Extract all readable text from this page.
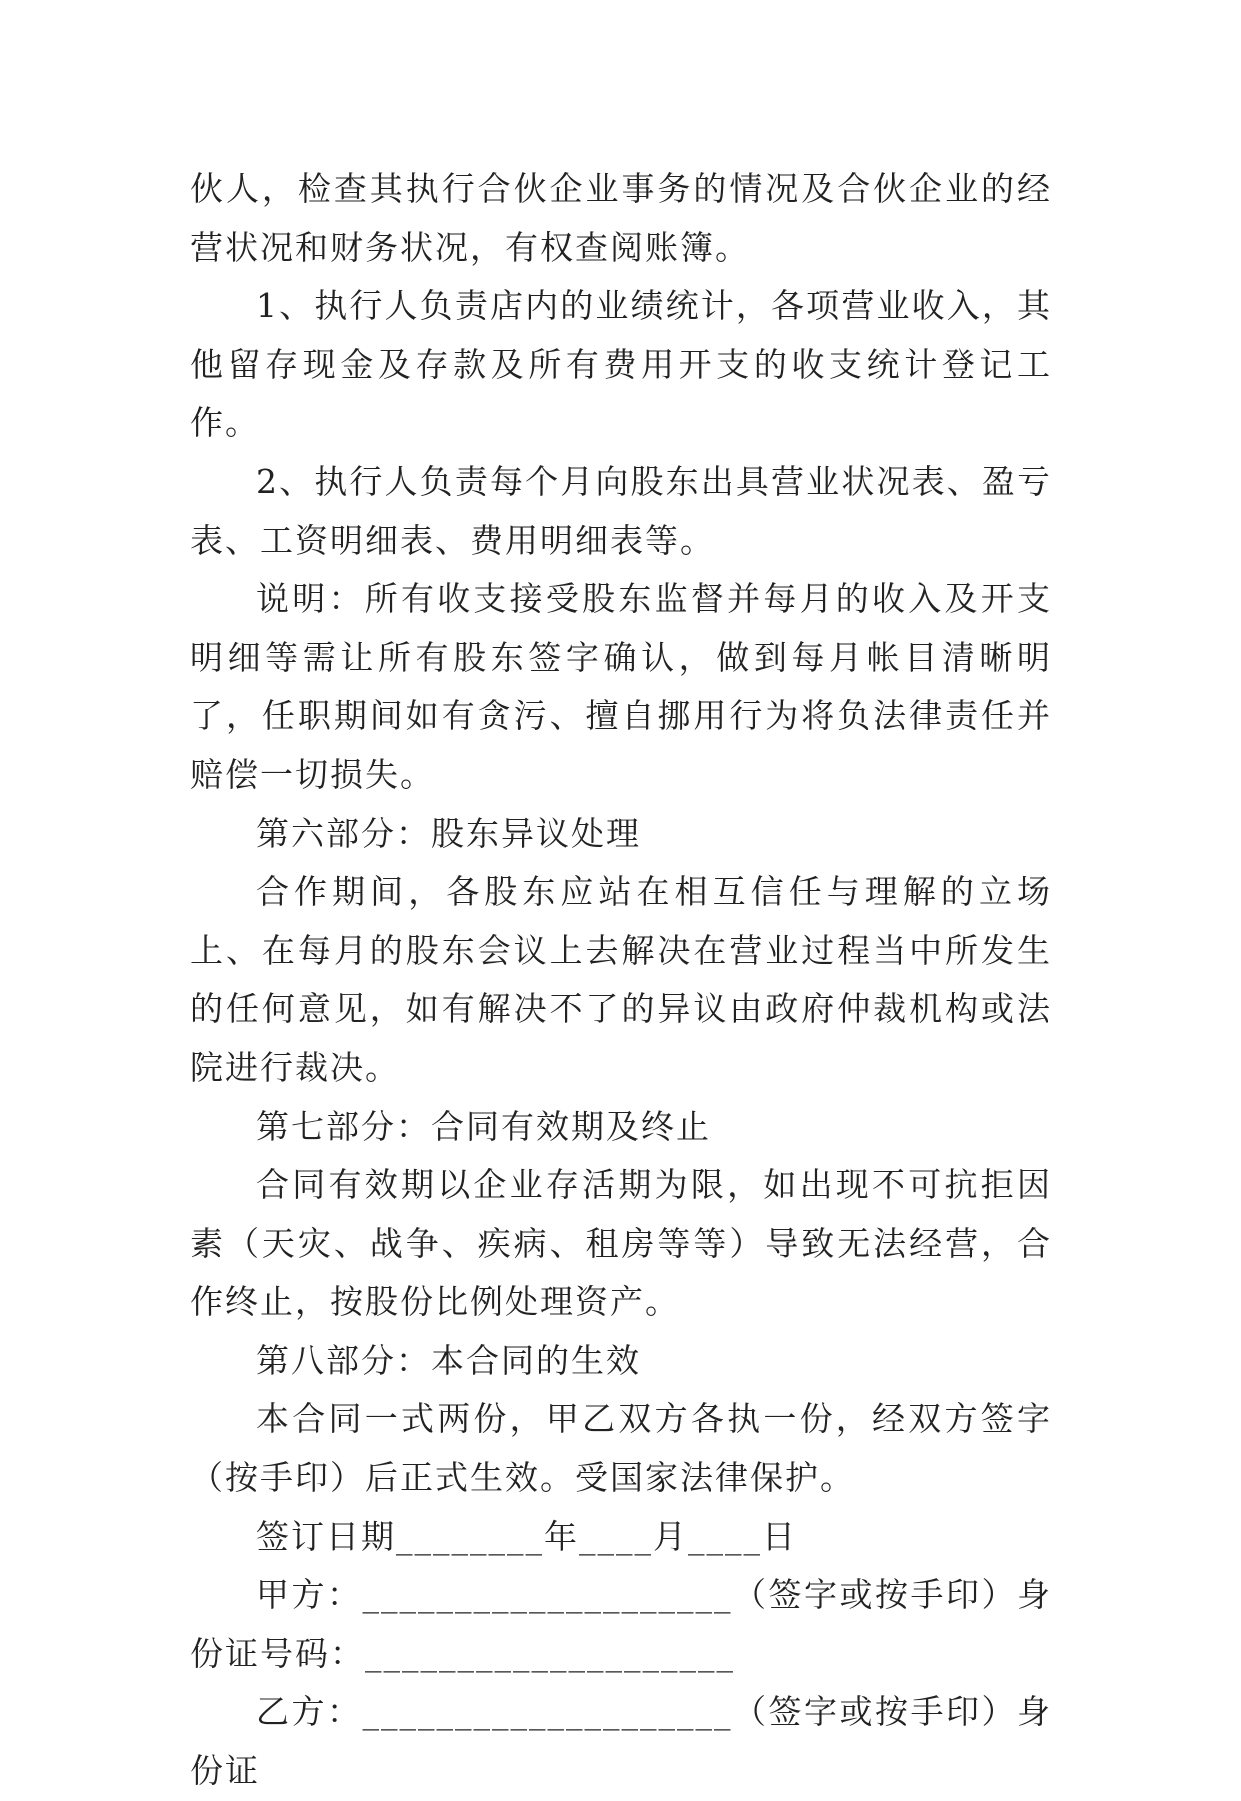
伙人，检查其执行合伙企业事务的情况及合伙企业的经营状况和财务状况，有权查阅账簿。

1、执行人负责店内的业绩统计，各项营业收入，其他留存现金及存款及所有费用开支的收支统计登记工作。

2、执行人负责每个月向股东出具营业状况表、盈亏表、工资明细表、费用明细表等。

说明：所有收支接受股东监督并每月的收入及开支明细等需让所有股东签字确认，做到每月帐目清晰明了，任职期间如有贪污、擅自挪用行为将负法律责任并赔偿一切损失。

第六部分：股东异议处理

合作期间，各股东应站在相互信任与理解的立场上、在每月的股东会议上去解决在营业过程当中所发生的任何意见，如有解决不了的异议由政府仲裁机构或法院进行裁决。

第七部分：合同有效期及终止

合同有效期以企业存活期为限，如出现不可抗拒因素（天灾、战争、疾病、租房等等）导致无法经营，合作终止，按股份比例处理资产。

第八部分：本合同的生效

本合同一式两份，甲乙双方各执一份，经双方签字（按手印）后正式生效。受国家法律保护。

签订日期________年____月____日

甲方：____________________（签字或按手印）身份证号码：____________________

乙方：____________________（签字或按手印）身份证
